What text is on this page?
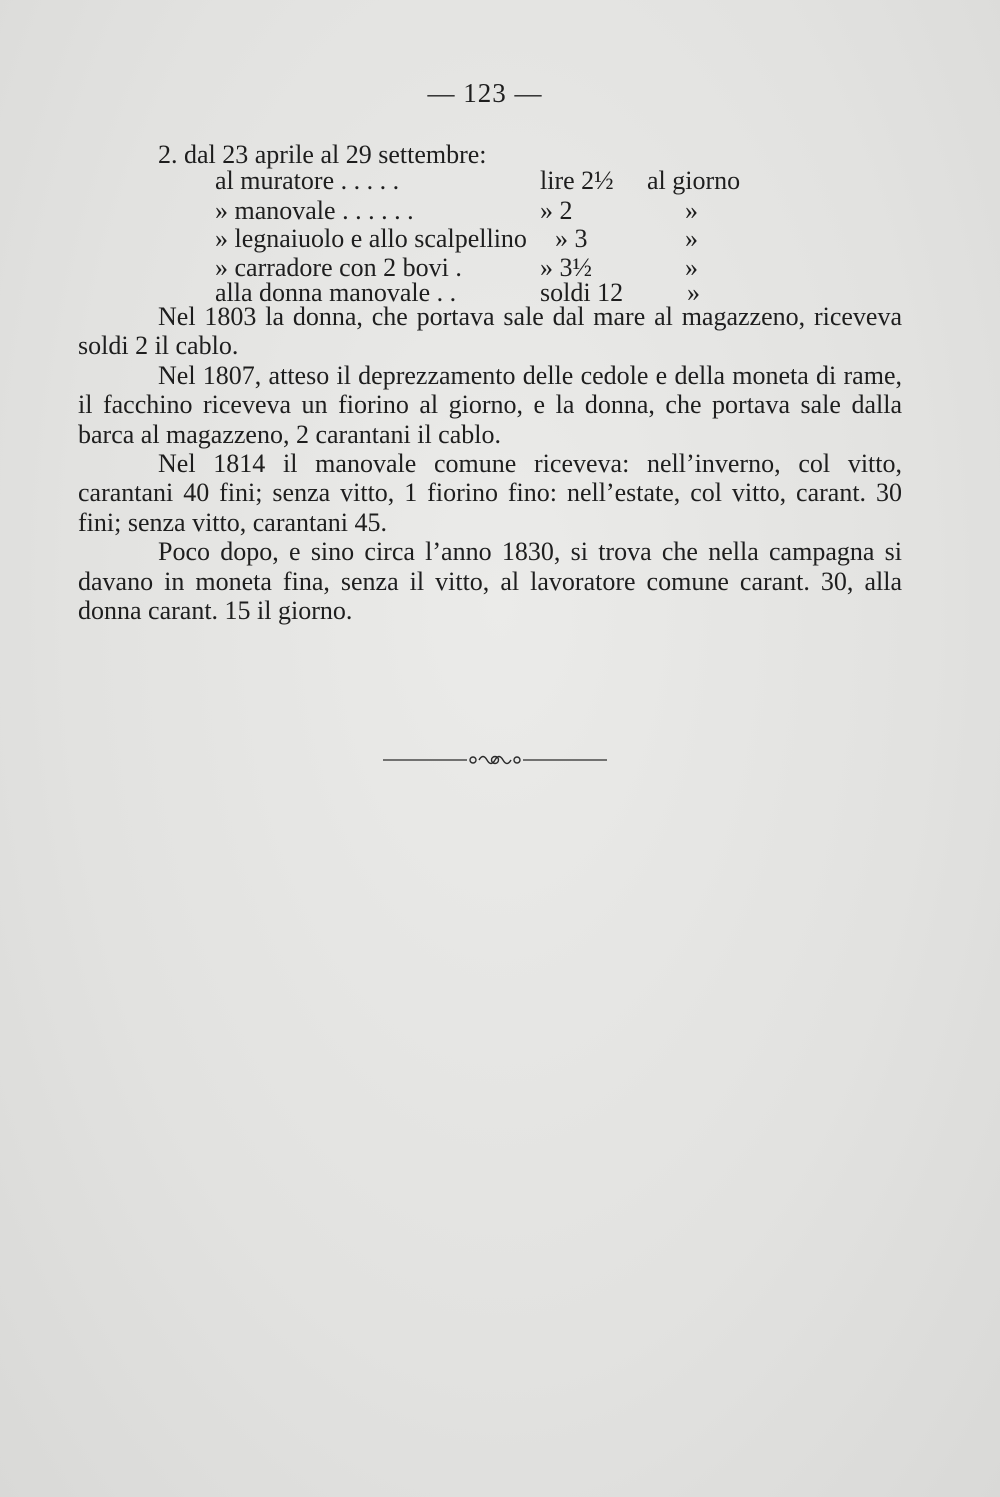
— 123 —
2. dal 23 aprile al 29 settembre:
al muratore . . . . .	lire 2½ al giorno
» manovale . . . . . .	» 2	»
» legnaiuolo e allo scalpellino » 3	»
» carradore con 2 bovi .	» 3½	»
alla donna manovale . .	soldi 12 »

Nel 1803 la donna, che portava sale dal mare al magazzeno, riceveva soldi 2 il cablo.

Nel 1807, atteso il deprezzamento delle cedole e della moneta di rame, il facchino riceveva un fiorino al giorno, e la donna, che portava sale dalla barca al magazzeno, 2 carantani il cablo.

Nel 1814 il manovale comune riceveva: nell’inverno, col vitto, carantani 40 fini; senza vitto, 1 fiorino fino: nell’estate, col vitto, carant. 30 fini; senza vitto, carantani 45.

Poco dopo, e sino circa l’anno 1830, si trova che nella campagna si davano in moneta fina, senza il vitto, al lavoratore comune carant. 30, alla donna carant. 15 il giorno.
